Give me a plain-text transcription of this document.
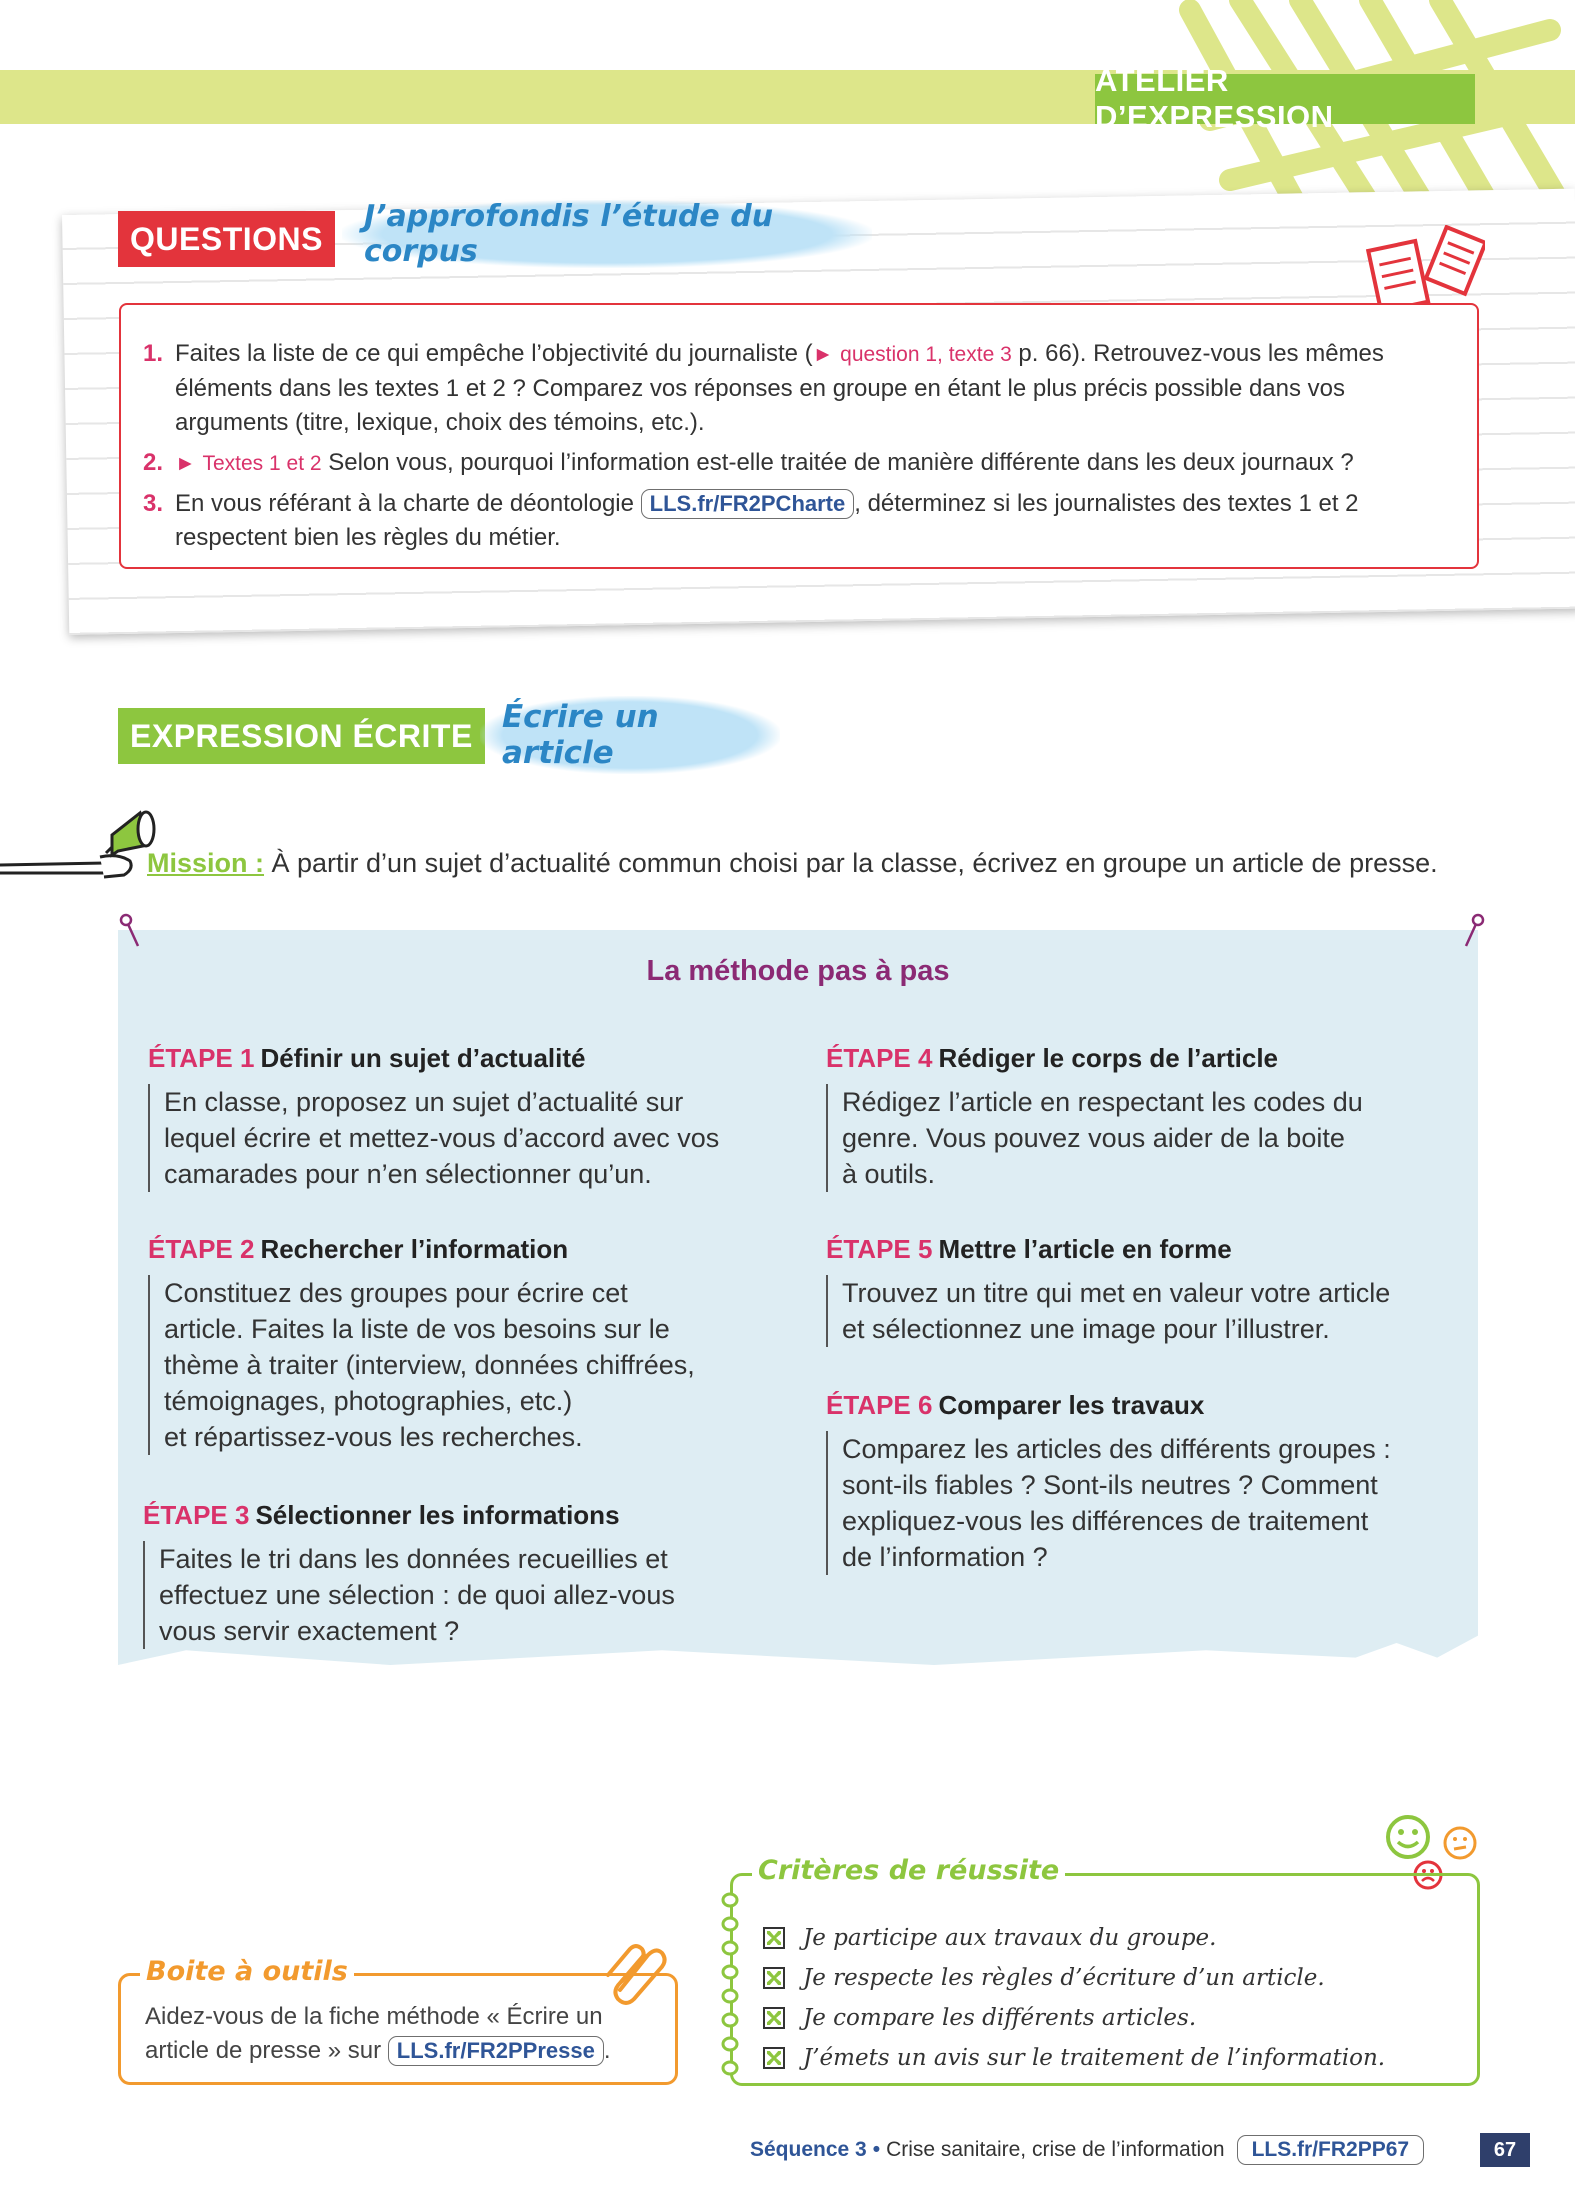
ATELIER D’EXPRESSION
QUESTIONS
J’approfondis l’étude du corpus
1. Faites la liste de ce qui empêche l’objectivité du journaliste (► question 1, texte 3 p. 66). Retrouvez-vous les mêmes éléments dans les textes 1 et 2 ? Comparez vos réponses en groupe en étant le plus précis possible dans vos arguments (titre, lexique, choix des témoins, etc.).
2. ► Textes 1 et 2 Selon vous, pourquoi l’information est-elle traitée de manière différente dans les deux journaux ?
3. En vous référant à la charte de déontologie LLS.fr/FR2PCharte , déterminez si les journalistes des textes 1 et 2 respectent bien les règles du métier.
EXPRESSION ÉCRITE
Écrire un article
Mission : À partir d’un sujet d’actualité commun choisi par la classe, écrivez en groupe un article de presse.
La méthode pas à pas
ÉTAPE 1 Définir un sujet d’actualité
En classe, proposez un sujet d’actualité sur
lequel écrire et mettez-vous d’accord avec vos
camarades pour n’en sélectionner qu’un.
ÉTAPE 2 Rechercher l’information
Constituez des groupes pour écrire cet
article. Faites la liste de vos besoins sur le
thème à traiter (interview, données chiffrées,
témoignages, photographies, etc.)
et répartissez-vous les recherches.
ÉTAPE 3 Sélectionner les informations
Faites le tri dans les données recueillies et
effectuez une sélection : de quoi allez-vous
vous servir exactement ?
ÉTAPE 4 Rédiger le corps de l’article
Rédigez l’article en respectant les codes du
genre. Vous pouvez vous aider de la boite
à outils.
ÉTAPE 5 Mettre l’article en forme
Trouvez un titre qui met en valeur votre article
et sélectionnez une image pour l’illustrer.
ÉTAPE 6 Comparer les travaux
Comparez les articles des différents groupes :
sont-ils fiables ? Sont-ils neutres ? Comment
expliquez-vous les différences de traitement
de l’information ?
Je participe aux travaux du groupe.
Je respecte les règles d’écriture d’un article.
Je compare les différents articles.
J’émets un avis sur le traitement de l’information.
Critères de réussite
Aidez-vous de la fiche méthode « Écrire un
article de presse » sur LLS.fr/FR2PPresse .
Boite à outils
Séquence 3 • Crise sanitaire, crise de l’information	LLS.fr/FR2PP67	67
